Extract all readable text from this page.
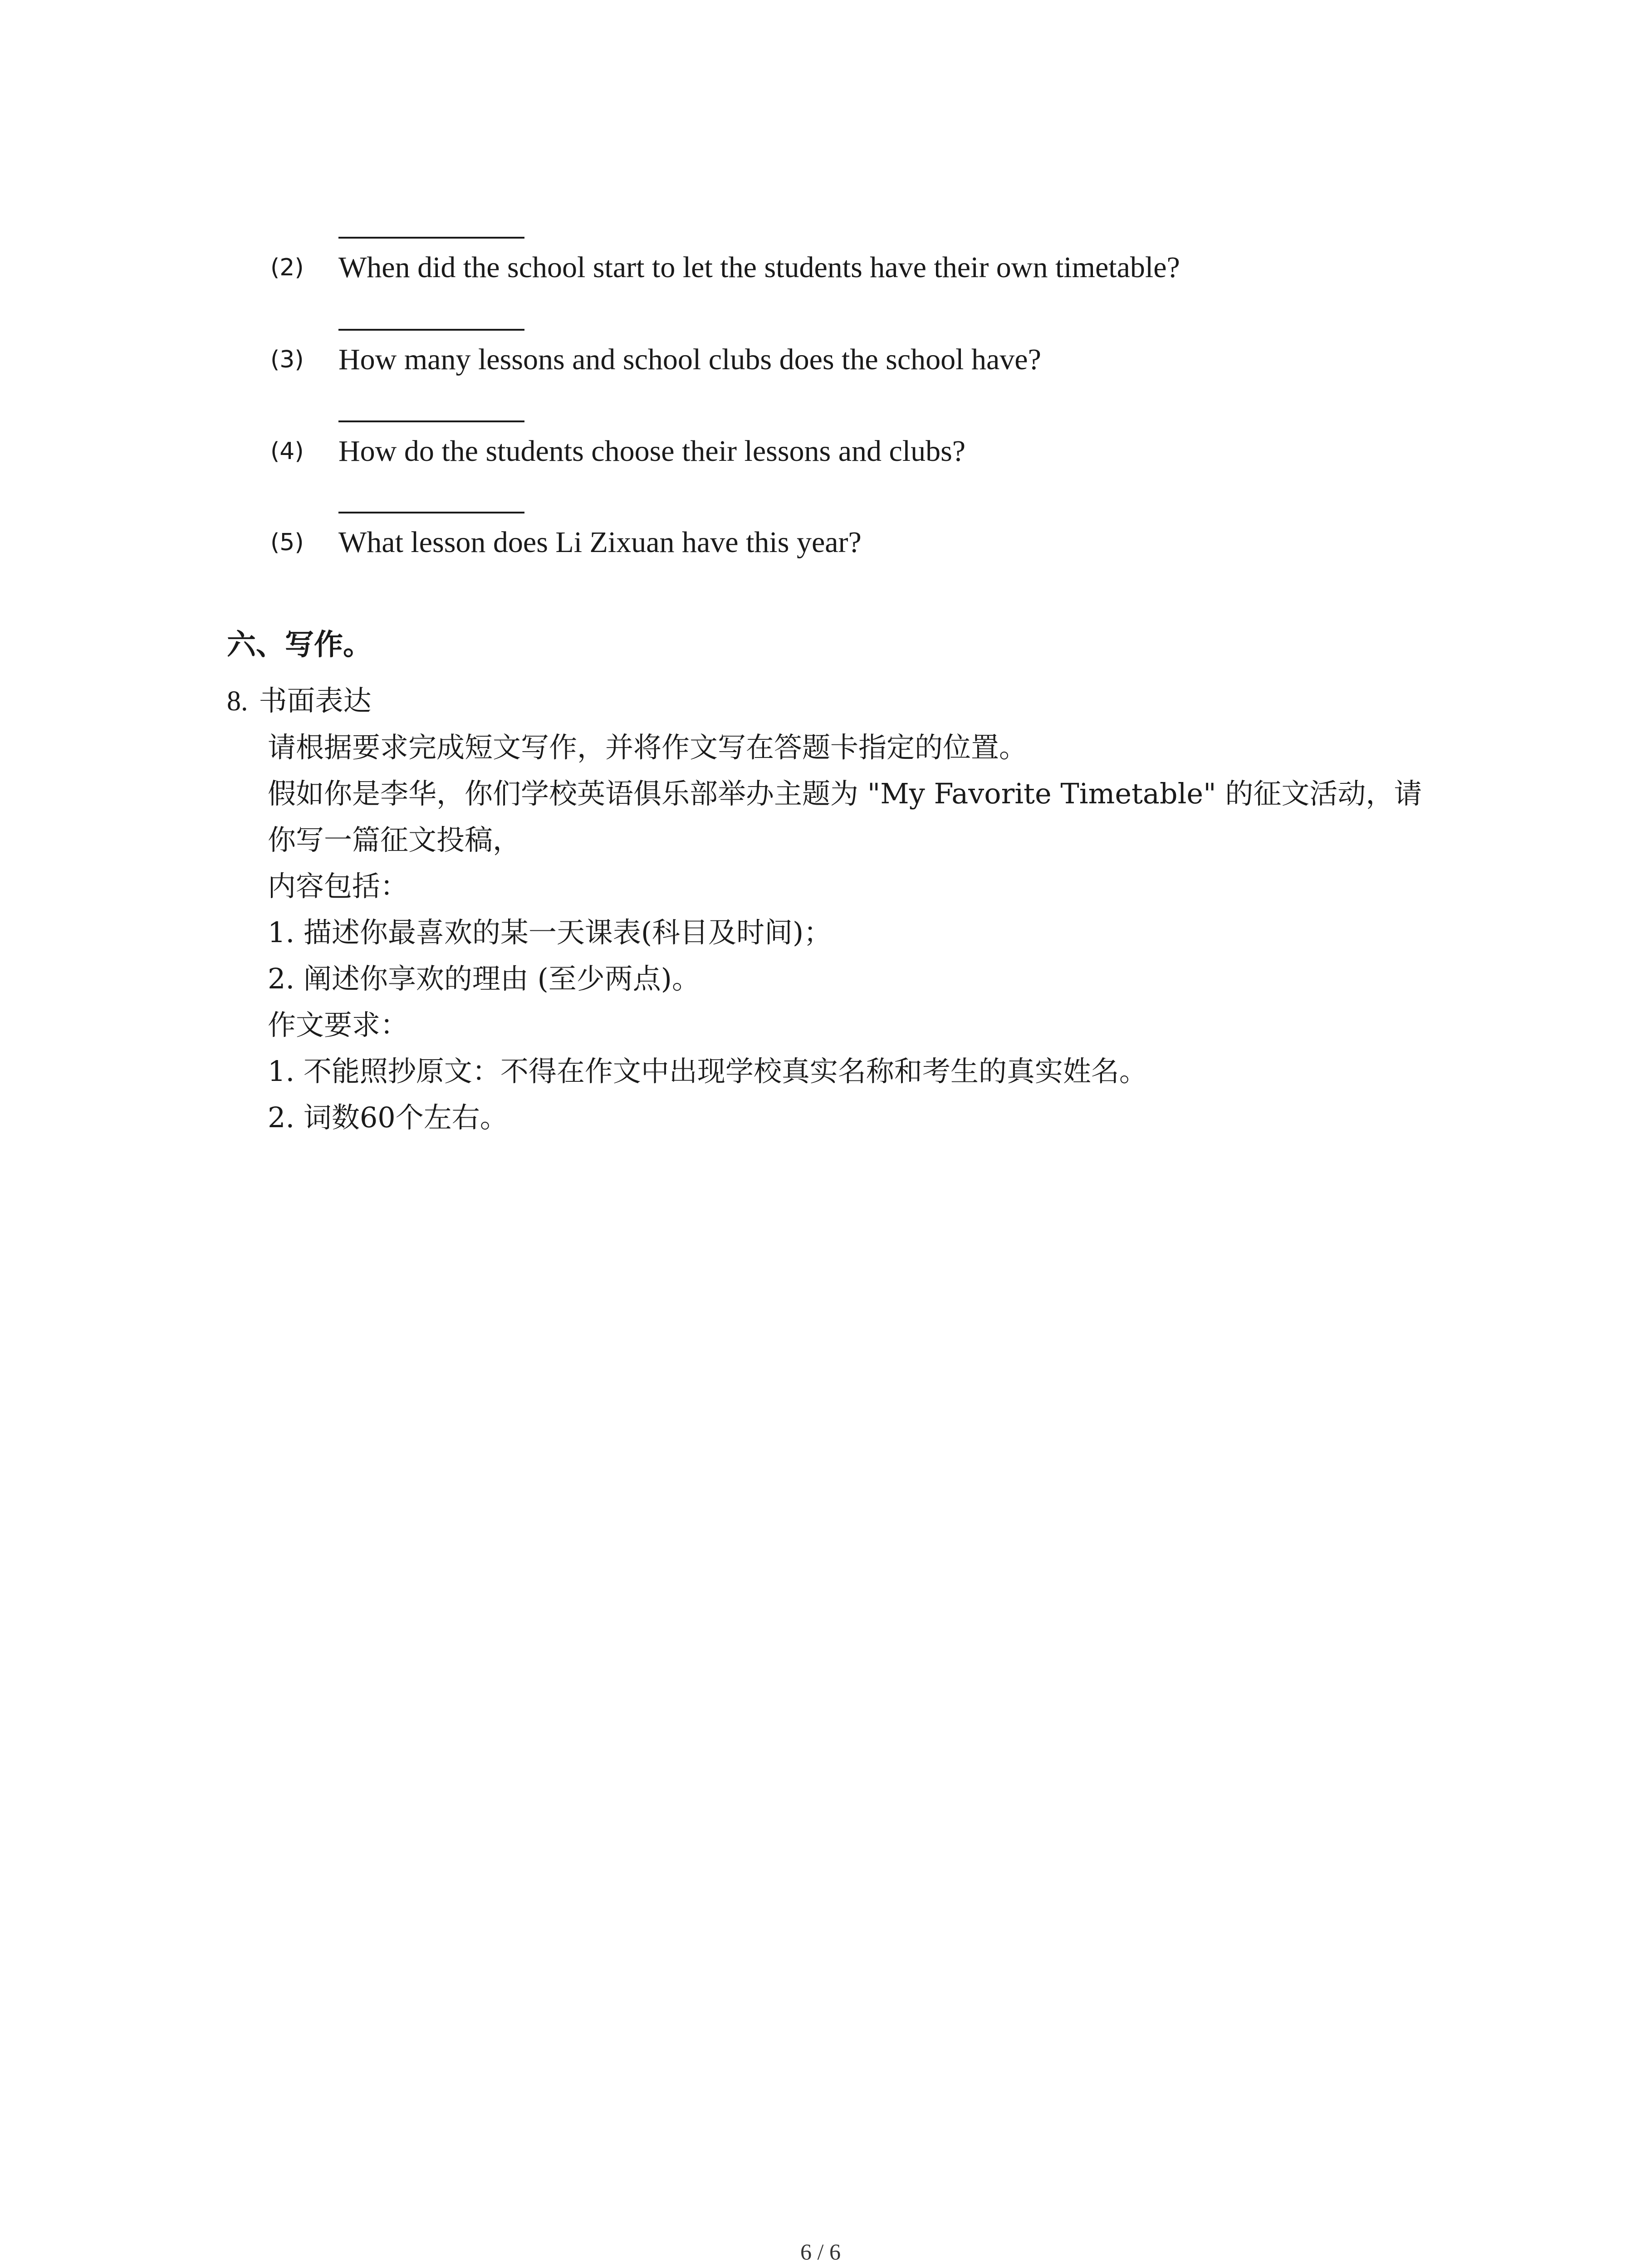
(2) When did the school start to let the students have their own timetable?
(3) How many lessons and school clubs does the school have?
(4) How do the students choose their lessons and clubs?
(5) What lesson does Li Zixuan have this year?
六、写作。
8. 书面表达
请根据要求完成短文写作，并将作文写在答题卡指定的位置。
假如你是李华，你们学校英语俱乐部举办主题为 "My Favorite Timetable" 的征文活动，请
你写一篇征文投稿，
内容包括：
1. 描述你最喜欢的某一天课表(科目及时间)；
2. 阐述你享欢的理由 (至少两点)。
作文要求：
1. 不能照抄原文：不得在作文中出现学校真实名称和考生的真实姓名。
2. 词数60个左右。
6 / 6
